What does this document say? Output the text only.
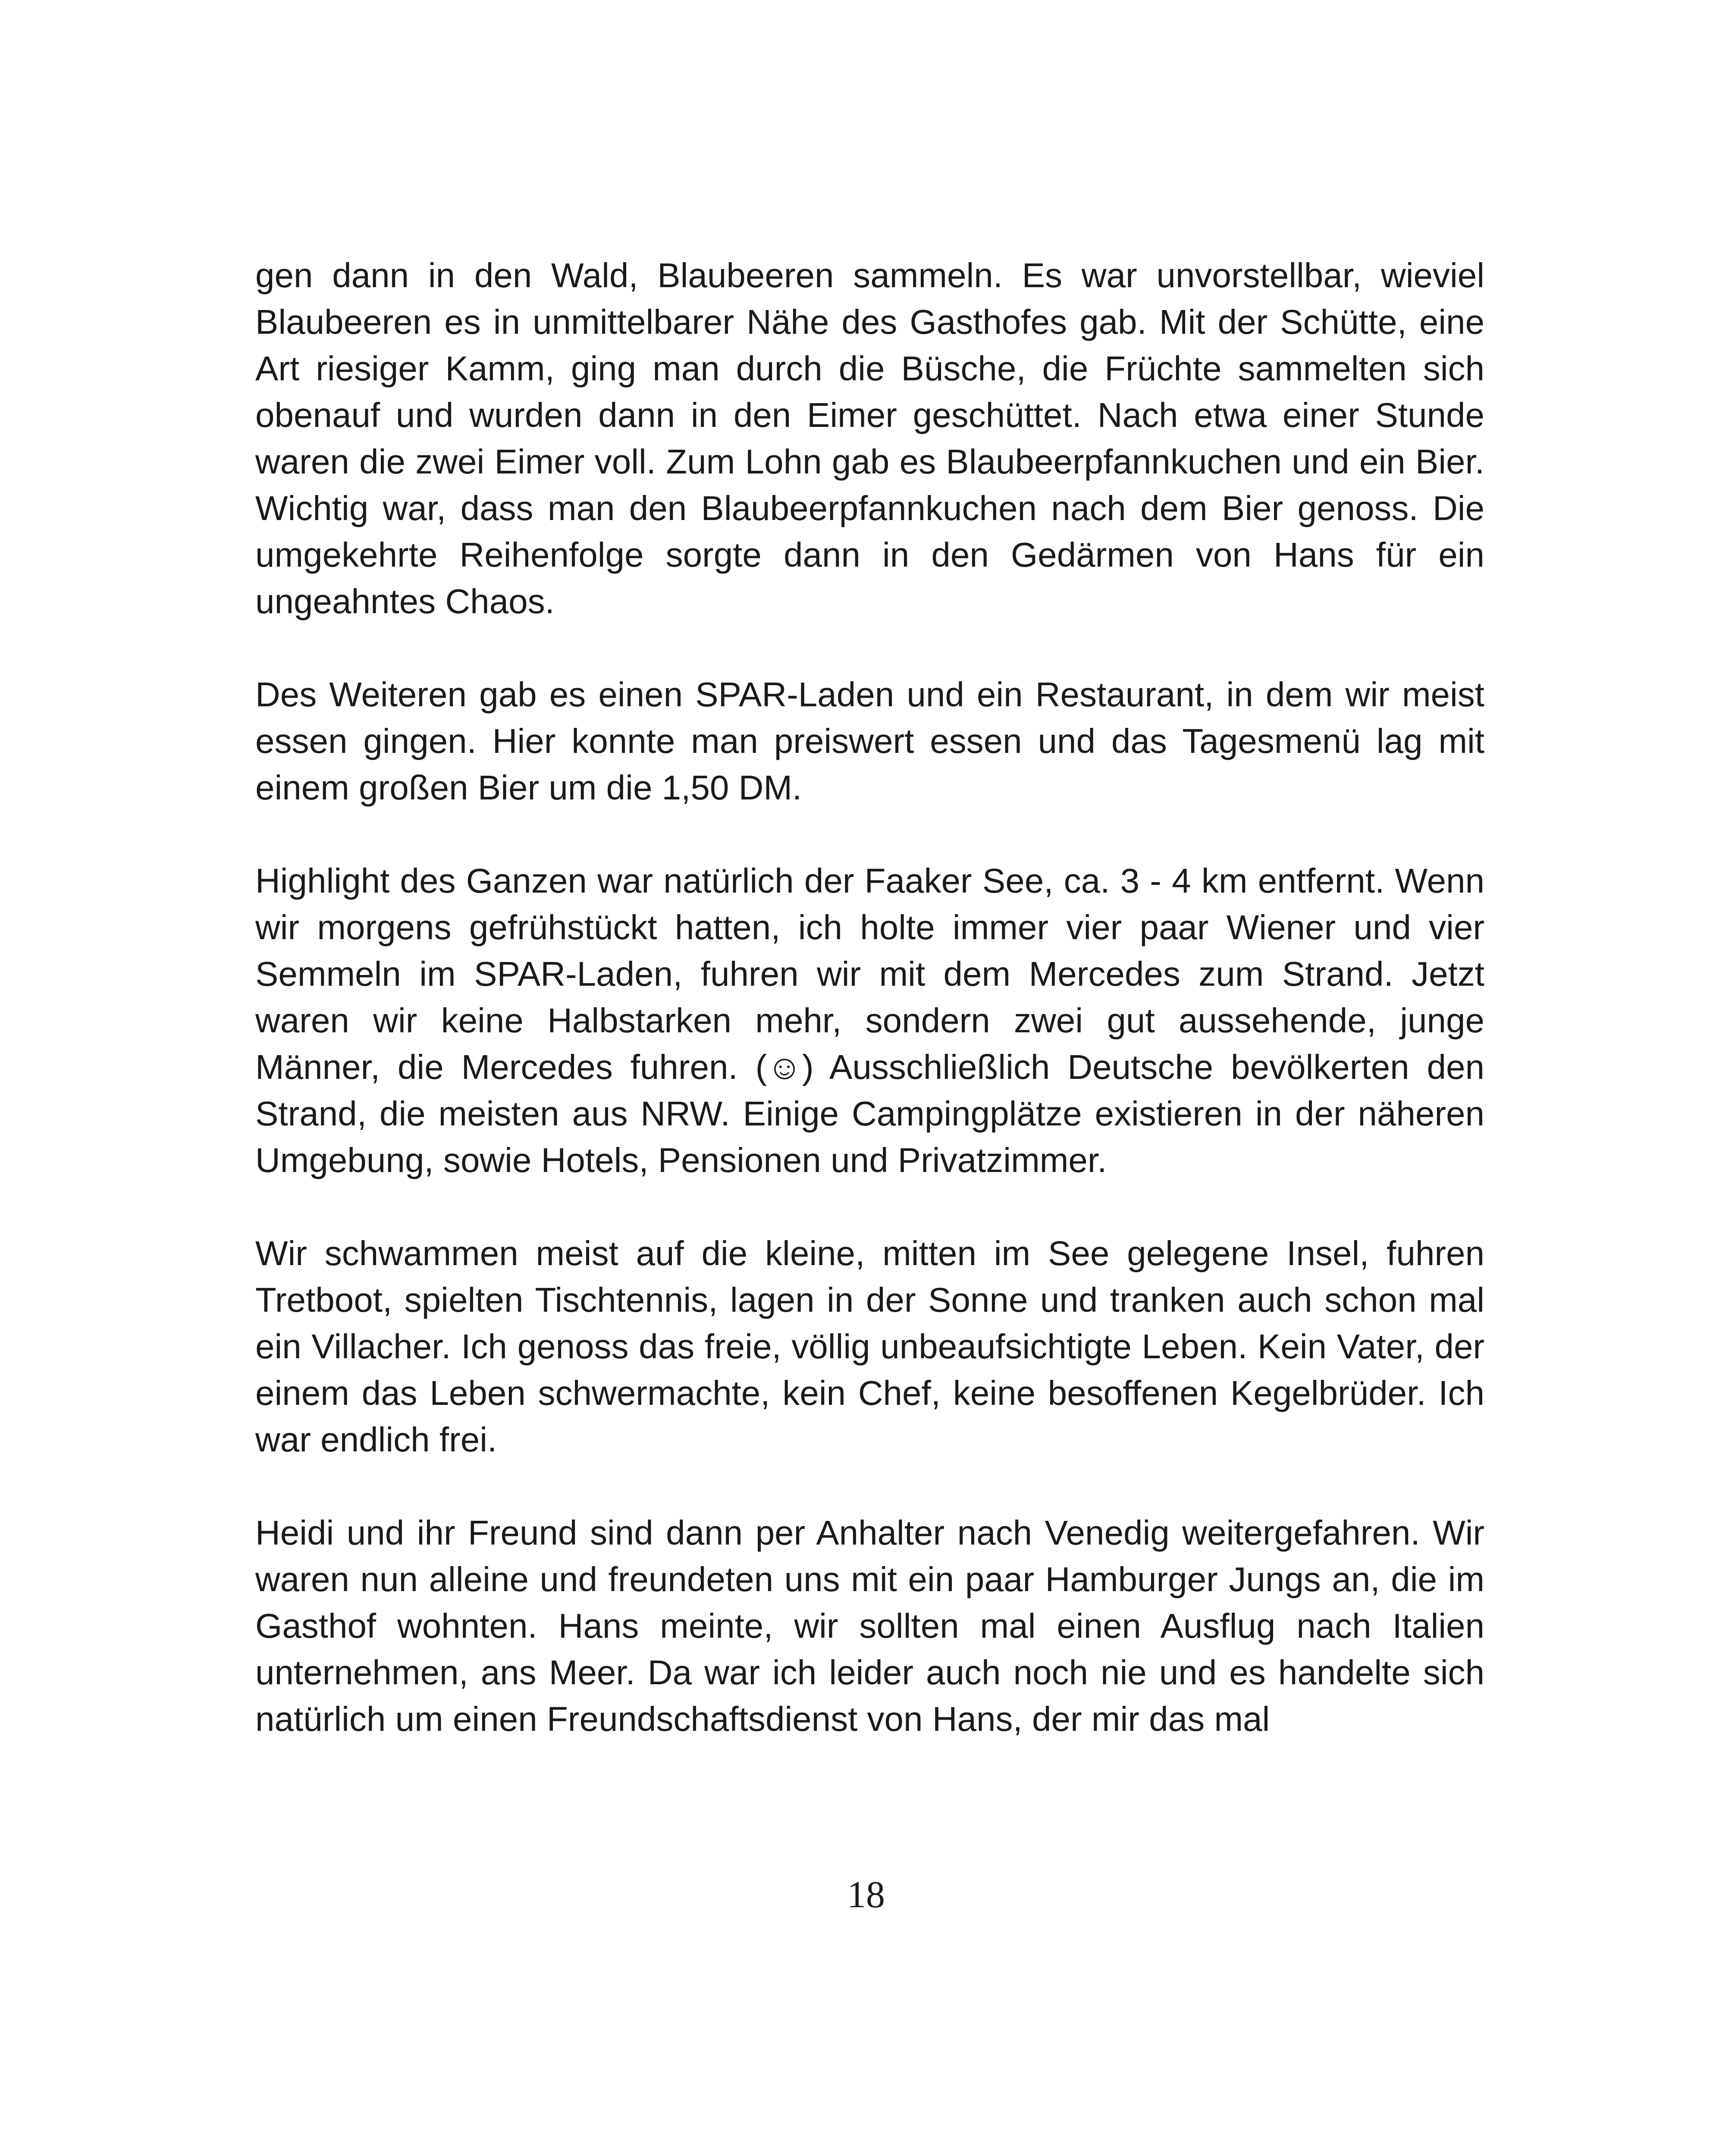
gen dann in den Wald, Blaubeeren sammeln. Es war unvorstellbar, wieviel Blaubeeren es in unmittelbarer Nähe des Gasthofes gab. Mit der Schütte, eine Art riesiger Kamm, ging man durch die Büsche, die Früchte sammelten sich obenauf und wurden dann in den Eimer geschüttet. Nach etwa einer Stunde waren die zwei Eimer voll. Zum Lohn gab es Blaubeerpfannkuchen und ein Bier. Wichtig war, dass man den Blaubeerpfannkuchen nach dem Bier genoss. Die umgekehrte Reihenfolge sorgte dann in den Gedärmen von Hans für ein ungeahntes Chaos.

Des Weiteren gab es einen SPAR-Laden und ein Restaurant, in dem wir meist essen gingen. Hier konnte man preiswert essen und das Tagesmenü lag mit einem großen Bier um die 1,50 DM.

Highlight des Ganzen war natürlich der Faaker See, ca. 3 - 4 km entfernt. Wenn wir morgens gefrühstückt hatten, ich holte immer vier paar Wiener und vier Semmeln im SPAR-Laden, fuhren wir mit dem Mercedes zum Strand. Jetzt waren wir keine Halbstarken mehr, sondern zwei gut aussehende, junge Männer, die Mercedes fuhren. (☺) Ausschließlich Deutsche bevölkerten den Strand, die meisten aus NRW. Einige Campingplätze existieren in der näheren Umgebung, sowie Hotels, Pensionen und Privatzimmer.

Wir schwammen meist auf die kleine, mitten im See gelegene Insel, fuhren Tretboot, spielten Tischtennis, lagen in der Sonne und tranken auch schon mal ein Villacher. Ich genoss das freie, völlig unbeaufsichtigte Leben. Kein Vater, der einem das Leben schwermachte, kein Chef, keine besoffenen Kegelbrüder. Ich war endlich frei.

Heidi und ihr Freund sind dann per Anhalter nach Venedig weitergefahren. Wir waren nun alleine und freundeten uns mit ein paar Hamburger Jungs an, die im Gasthof wohnten. Hans meinte, wir sollten mal einen Ausflug nach Italien unternehmen, ans Meer. Da war ich leider auch noch nie und es handelte sich natürlich um einen Freundschaftsdienst von Hans, der mir das mal

18
